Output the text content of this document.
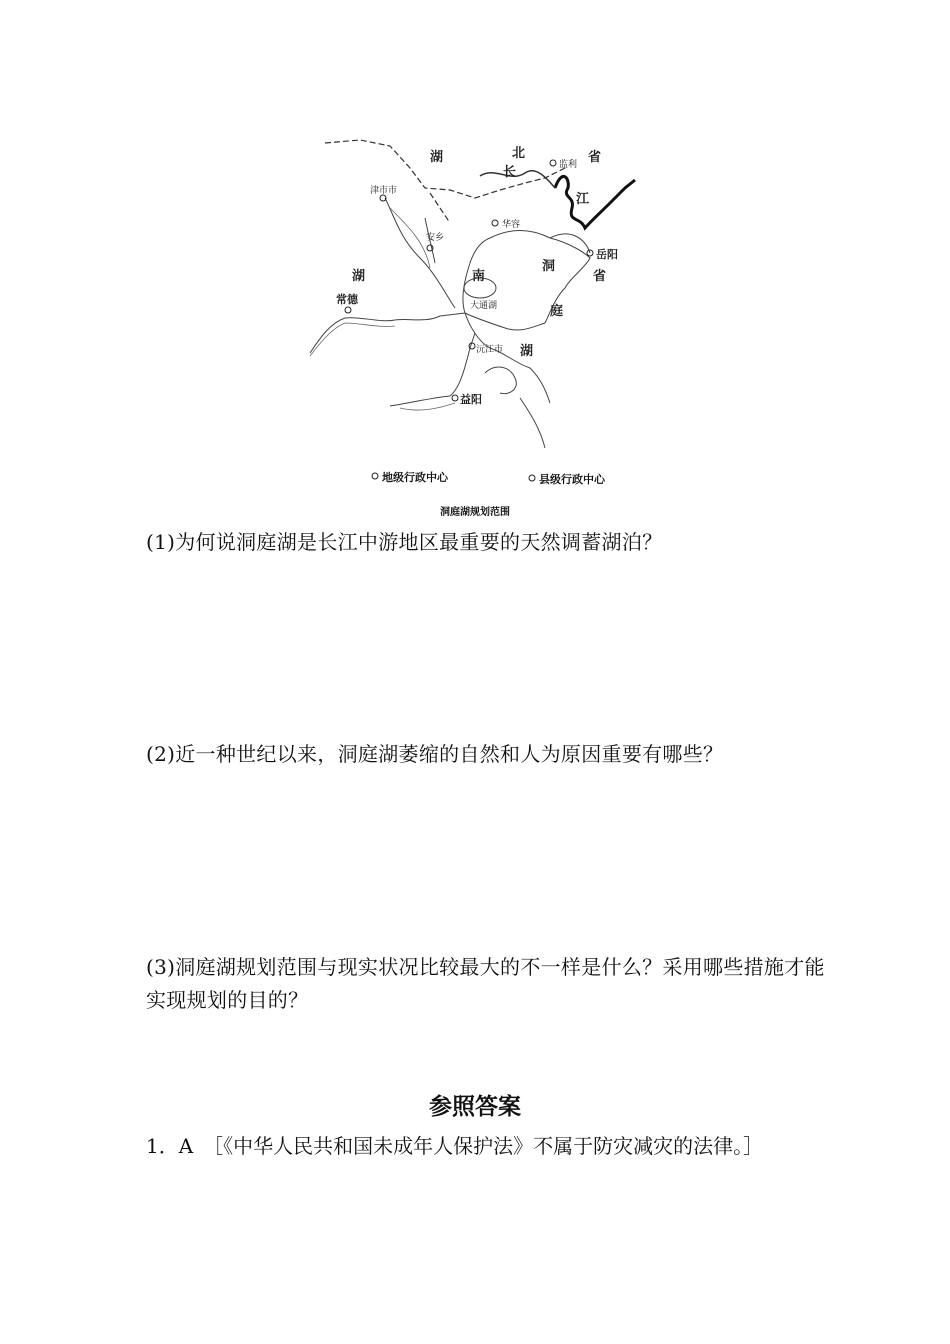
湖	北	省
长
江
监利
津市市
华容
安乡
岳阳
湖	南	省
洞
庭
湖
常德	大通湖
沅江市
益阳
地级行政中心	县级行政中心
洞庭湖规划范围
(1)为何说洞庭湖是长江中游地区最重要的天然调蓄湖泊？
(2)近一种世纪以来，洞庭湖萎缩的自然和人为原因重要有哪些？
(3)洞庭湖规划范围与现实状况比较最大的不一样是什么？采用哪些措施才能实现规划的目的？
参照答案
1．A　［《中华人民共和国未成年人保护法》不属于防灾减灾的法律。］
